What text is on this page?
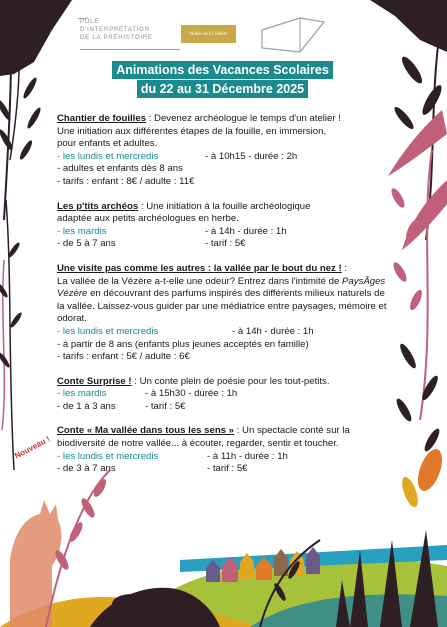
PÔLE
D'INTERPRÉTATION
DE LA PRÉHISTOIRE
Vallée de la Vézère
Animations des Vacances Scolaires
du 22 au 31 Décembre 2025
Nouveau !
Chantier de fouilles : Devenez archéologue le temps d'un atelier !
Une initiation aux différentes étapes de la fouille, en immersion,
pour enfants et adultes.
- les lundis et mercredis	- à 10h15 - durée : 2h
- adultes et enfants dès 8 ans
- tarifs : enfant : 8€ / adulte : 11€
Les p'tits archéos : Une initiation à la fouille archéologique
adaptée aux petits archéologues en herbe.
- les mardis	- à 14h - durée : 1h
- de 5 à 7 ans	- tarif : 5€
Une visite pas comme les autres : la vallée par le bout du nez ! :
La vallée de la Vézère a-t-elle une odeur? Entrez dans l'intimité de PaysÂges Vézère en découvrant des parfums inspirés des différents milieux naturels de la vallée. Laissez-vous guider par une médiatrice entre paysages, mémoire et odorat.
- les lundis et mercredis	- à 14h - durée : 1h
- à partir de 8 ans (enfants plus jeunes acceptés en famille)
- tarifs : enfant : 5€ / adulte : 6€
Conte Surprise ! : Un conte plein de poésie pour les tout-petits.
- les mardis	- à 15h30 - durée : 1h
- de 1 à 3 ans	- tarif : 5€
Conte « Ma vallée dans tous les sens » : Un spectacle conté sur la biodiversité de notre vallée... à écouter, regarder, sentir et toucher.
- les lundis et mercredis	- à 11h - durée : 1h
- de 3 à 7 ans	- tarif : 5€
